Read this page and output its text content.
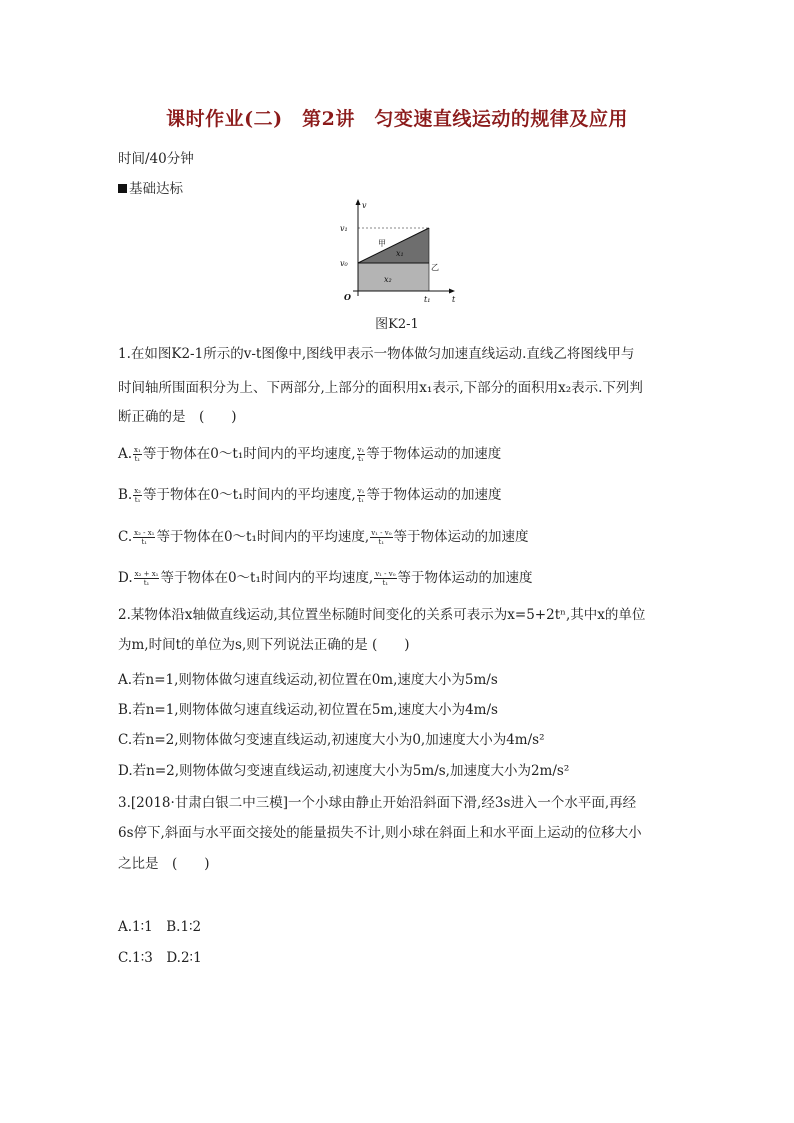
课时作业(二)　第2讲　匀变速直线运动的规律及应用
时间/40分钟
基础达标
v
t
v₁
v₀
O	t₁
甲
乙
x₁
x₂
图K2-1
1.在如图K2-1所示的v-t图像中,图线甲表示一物体做匀加速直线运动.直线乙将图线甲与
时间轴所围面积分为上、下两部分,上部分的面积用x₁表示,下部分的面积用x₂表示.下列判
断正确的是　(　　)
A. $\frac{\text{x₁}}{\text{t₁}}$ 等于物体在0～t₁时间内的平均速度, $\frac{\text{v₁}}{\text{t₁}}$ 等于物体运动的加速度
B. $\frac{\text{x₂}}{\text{t₁}}$ 等于物体在0～t₁时间内的平均速度, $\frac{\text{v₁}}{\text{t₁}}$ 等于物体运动的加速度
C. $\frac{\text{x₂ - x₁}}{\text{t₁}}$ 等于物体在0～t₁时间内的平均速度, $\frac{\text{v₁ - v₀}}{\text{t₁}}$ 等于物体运动的加速度
D. $\frac{\text{x₂ + x₁}}{\text{t₁}}$ 等于物体在0～t₁时间内的平均速度, $\frac{\text{v₁ - v₀}}{\text{t₁}}$ 等于物体运动的加速度
2.某物体沿x轴做直线运动,其位置坐标随时间变化的关系可表示为x=5+2tⁿ,其中x的单位
为m,时间t的单位为s,则下列说法正确的是 (　　)
A.若n=1,则物体做匀速直线运动,初位置在0m,速度大小为5m/s
B.若n=1,则物体做匀速直线运动,初位置在5m,速度大小为4m/s
C.若n=2,则物体做匀变速直线运动,初速度大小为0,加速度大小为4m/s²
D.若n=2,则物体做匀变速直线运动,初速度大小为5m/s,加速度大小为2m/s²
3.[2018·甘肃白银二中三模]一个小球由静止开始沿斜面下滑,经3s进入一个水平面,再经
6s停下,斜面与水平面交接处的能量损失不计,则小球在斜面上和水平面上运动的位移大小
之比是　(　　)
A.1∶1　B.1∶2
C.1∶3　D.2∶1
